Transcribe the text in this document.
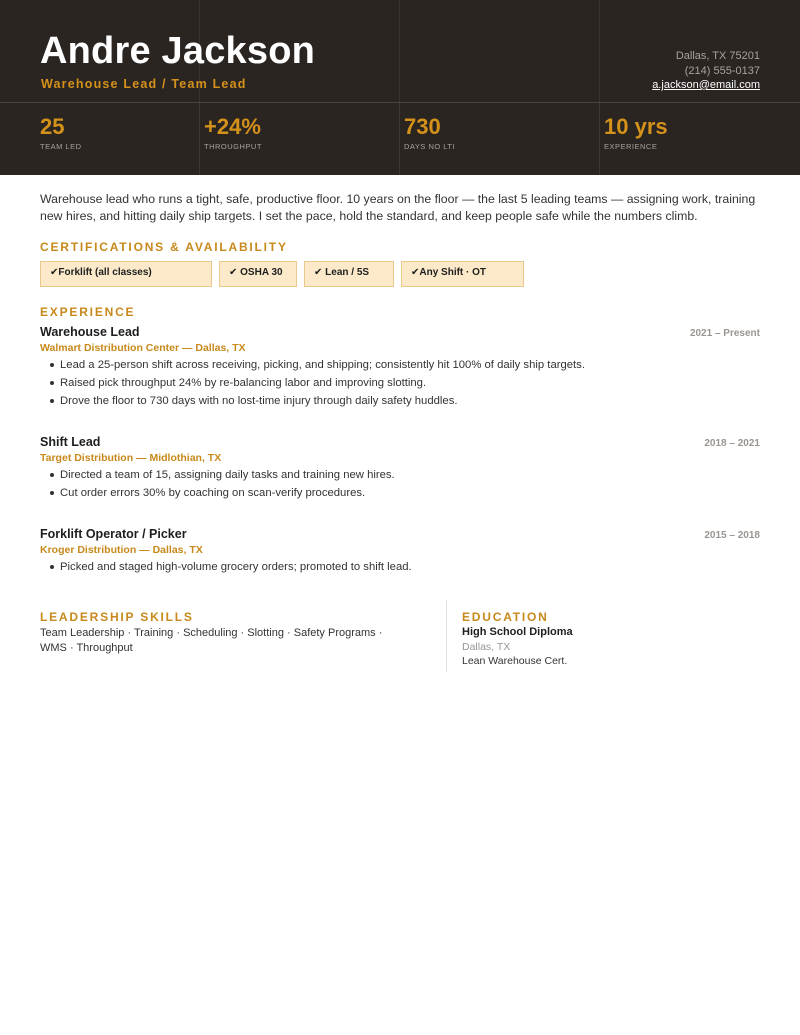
Andre Jackson
Warehouse Lead / Team Lead
Dallas, TX 75201
(214) 555-0137
a.jackson@email.com
25
TEAM LED
+24%
THROUGHPUT
730
DAYS NO LTI
10 yrs
EXPERIENCE
Warehouse lead who runs a tight, safe, productive floor. 10 years on the floor — the last 5 leading teams — assigning work, training new hires, and hitting daily ship targets. I set the pace, hold the standard, and keep people safe while the numbers climb.
CERTIFICATIONS & AVAILABILITY
✔Forklift (all classes)	✔ OSHA 30	✔ Lean / 5S	✔Any Shift · OT
EXPERIENCE
Warehouse Lead	2021 – Present
Walmart Distribution Center — Dallas, TX
Lead a 25-person shift across receiving, picking, and shipping; consistently hit 100% of daily ship targets.
Raised pick throughput 24% by re-balancing labor and improving slotting.
Drove the floor to 730 days with no lost-time injury through daily safety huddles.
Shift Lead	2018 – 2021
Target Distribution — Midlothian, TX
Directed a team of 15, assigning daily tasks and training new hires.
Cut order errors 30% by coaching on scan-verify procedures.
Forklift Operator / Picker	2015 – 2018
Kroger Distribution — Dallas, TX
Picked and staged high-volume grocery orders; promoted to shift lead.
LEADERSHIP SKILLS
Team Leadership · Training · Scheduling · Slotting · Safety Programs · WMS · Throughput
EDUCATION
High School Diploma
Dallas, TX
Lean Warehouse Cert.
